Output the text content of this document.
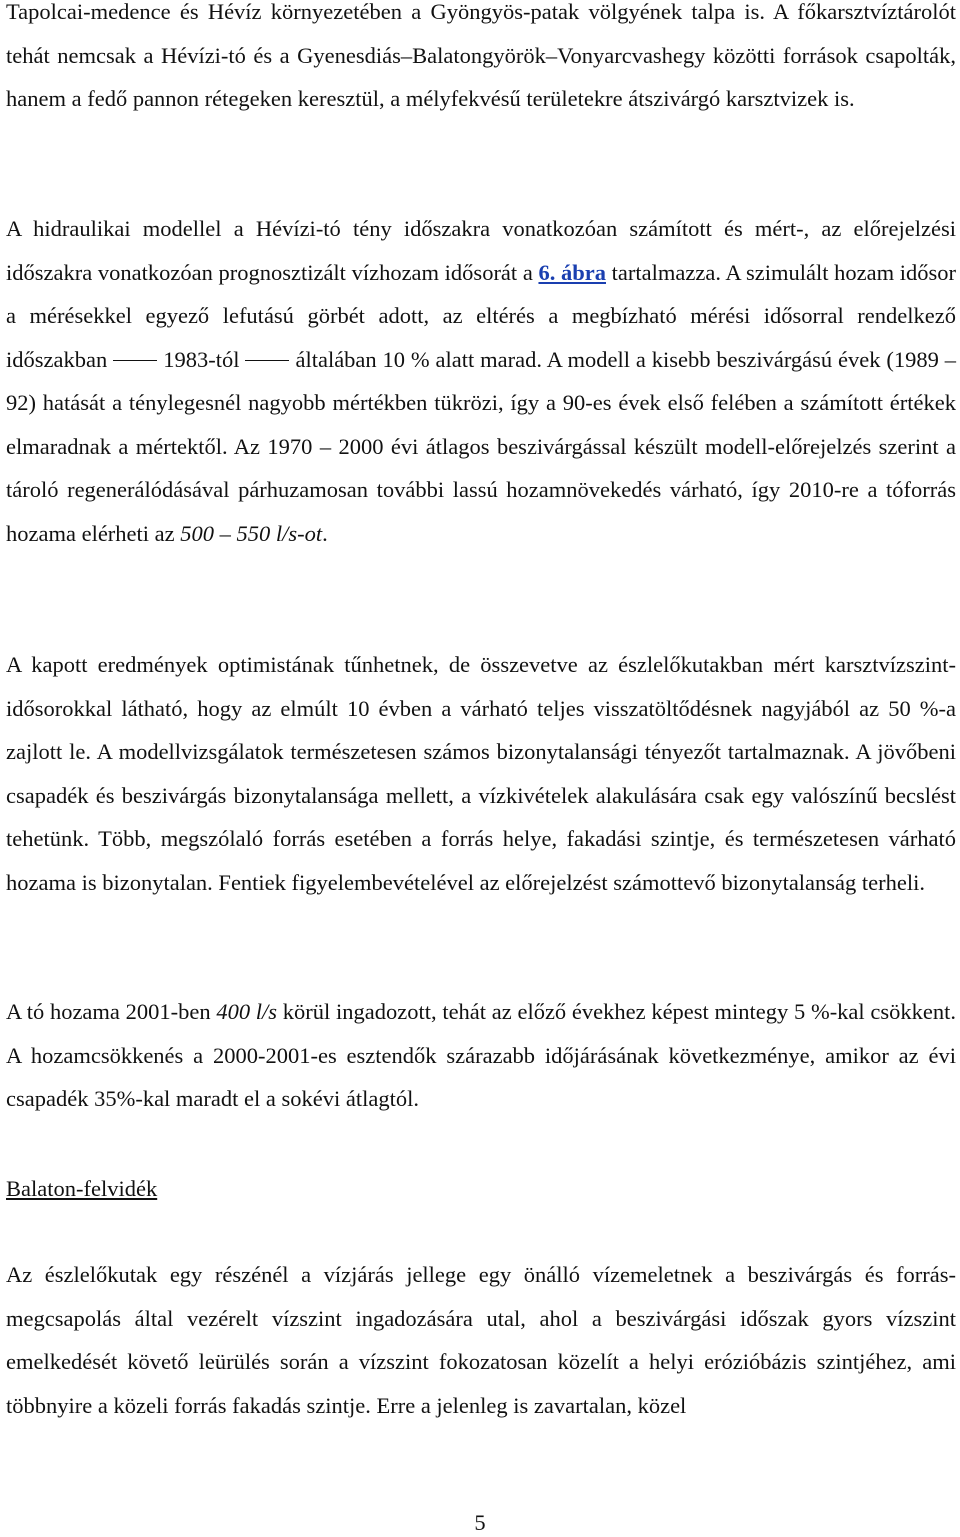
Tapolcai-medence és Hévíz környezetében a Gyöngyös-patak völgyének talpa is. A főkarsztvíztárolót tehát nemcsak a Hévízi-tó és a Gyenesdiás–Balatongyörök–Vonyarcvashegy közötti források csapolták, hanem a fedő pannon rétegeken keresztül, a mélyfekvésű területekre átszivárgó karsztvizek is.

A hidraulikai modellel a Hévízi-tó tény időszakra vonatkozóan számított és mért-, az előrejelzési időszakra vonatkozóan prognosztizált vízhozam idősorát a 6. ábra tartalmazza. A szimulált hozam idősor a mérésekkel egyező lefutású görbét adott, az eltérés a megbízható mérési idősorral rendelkező időszakban 1983-tól általában 10 % alatt marad. A modell a kisebb beszivárgású évek (1989 – 92) hatását a ténylegesnél nagyobb mértékben tükrözi, így a 90-es évek első felében a számított értékek elmaradnak a mértektől. Az 1970 – 2000 évi átlagos beszivárgással készült modell-előrejelzés szerint a tároló regenerálódásával párhuzamosan további lassú hozamnövekedés várható, így 2010-re a tóforrás hozama elérheti az 500 – 550 l/s-ot.

A kapott eredmények optimistának tűnhetnek, de összevetve az észlelőkutakban mért karsztvízszint-idősorokkal látható, hogy az elmúlt 10 évben a várható teljes visszatöltődésnek nagyjából az 50 %-a zajlott le. A modellvizsgálatok természetesen számos bizonytalansági tényezőt tartalmaznak. A jövőbeni csapadék és beszivárgás bizonytalansága mellett, a vízkivételek alakulására csak egy valószínű becslést tehetünk. Több, megszólaló forrás esetében a forrás helye, fakadási szintje, és természetesen várható hozama is bizonytalan. Fentiek figyelembevételével az előrejelzést számottevő bizonytalanság terheli.

A tó hozama 2001-ben 400 l/s körül ingadozott, tehát az előző évekhez képest mintegy 5 %-kal csökkent. A hozamcsökkenés a 2000-2001-es esztendők szárazabb időjárásának következménye, amikor az évi csapadék 35%-kal maradt el a sokévi átlagtól.

Balaton-felvidék

Az észlelőkutak egy részénél a vízjárás jellege egy önálló vízemeletnek a beszivárgás és forrás-megcsapolás által vezérelt vízszint ingadozására utal, ahol a beszivárgási időszak gyors vízszint emelkedését követő leürülés során a vízszint fokozatosan közelít a helyi erózióbázis szintjéhez, ami többnyire a közeli forrás fakadás szintje. Erre a jelenleg is zavartalan, közel

5
